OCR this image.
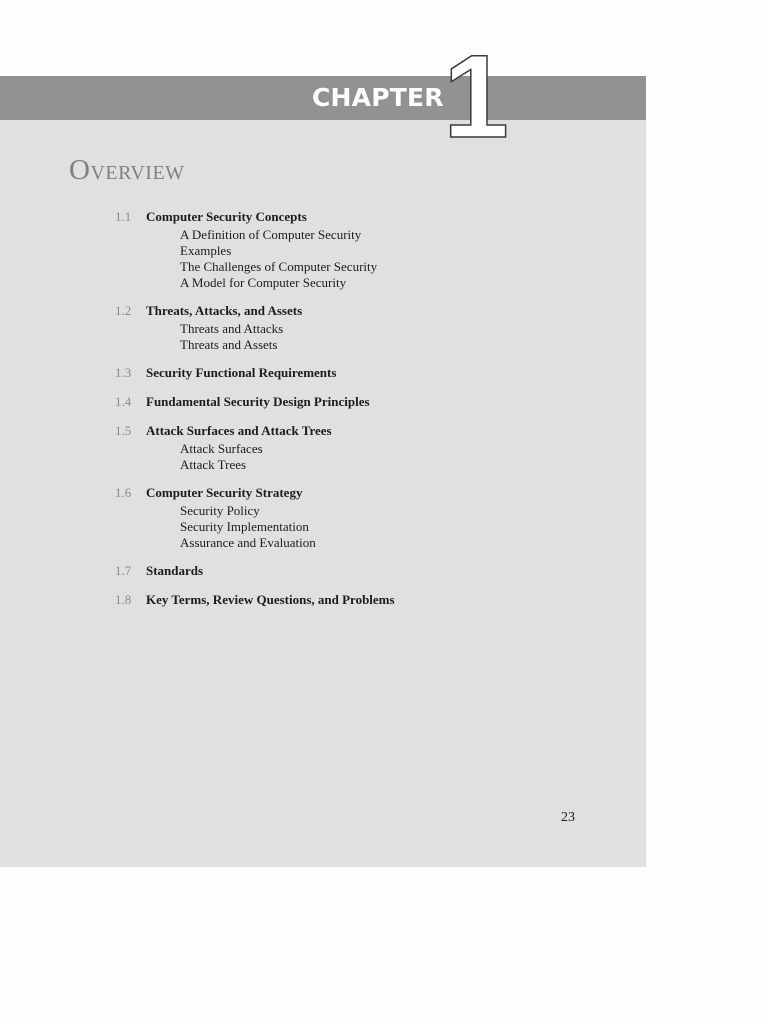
CHAPTER 1
Overview
1.1	Computer Security Concepts
A Definition of Computer Security
Examples
The Challenges of Computer Security
A Model for Computer Security
1.2	Threats, Attacks, and Assets
Threats and Attacks
Threats and Assets
1.3	Security Functional Requirements
1.4	Fundamental Security Design Principles
1.5	Attack Surfaces and Attack Trees
Attack Surfaces
Attack Trees
1.6	Computer Security Strategy
Security Policy
Security Implementation
Assurance and Evaluation
1.7	Standards
1.8	Key Terms, Review Questions, and Problems
23
